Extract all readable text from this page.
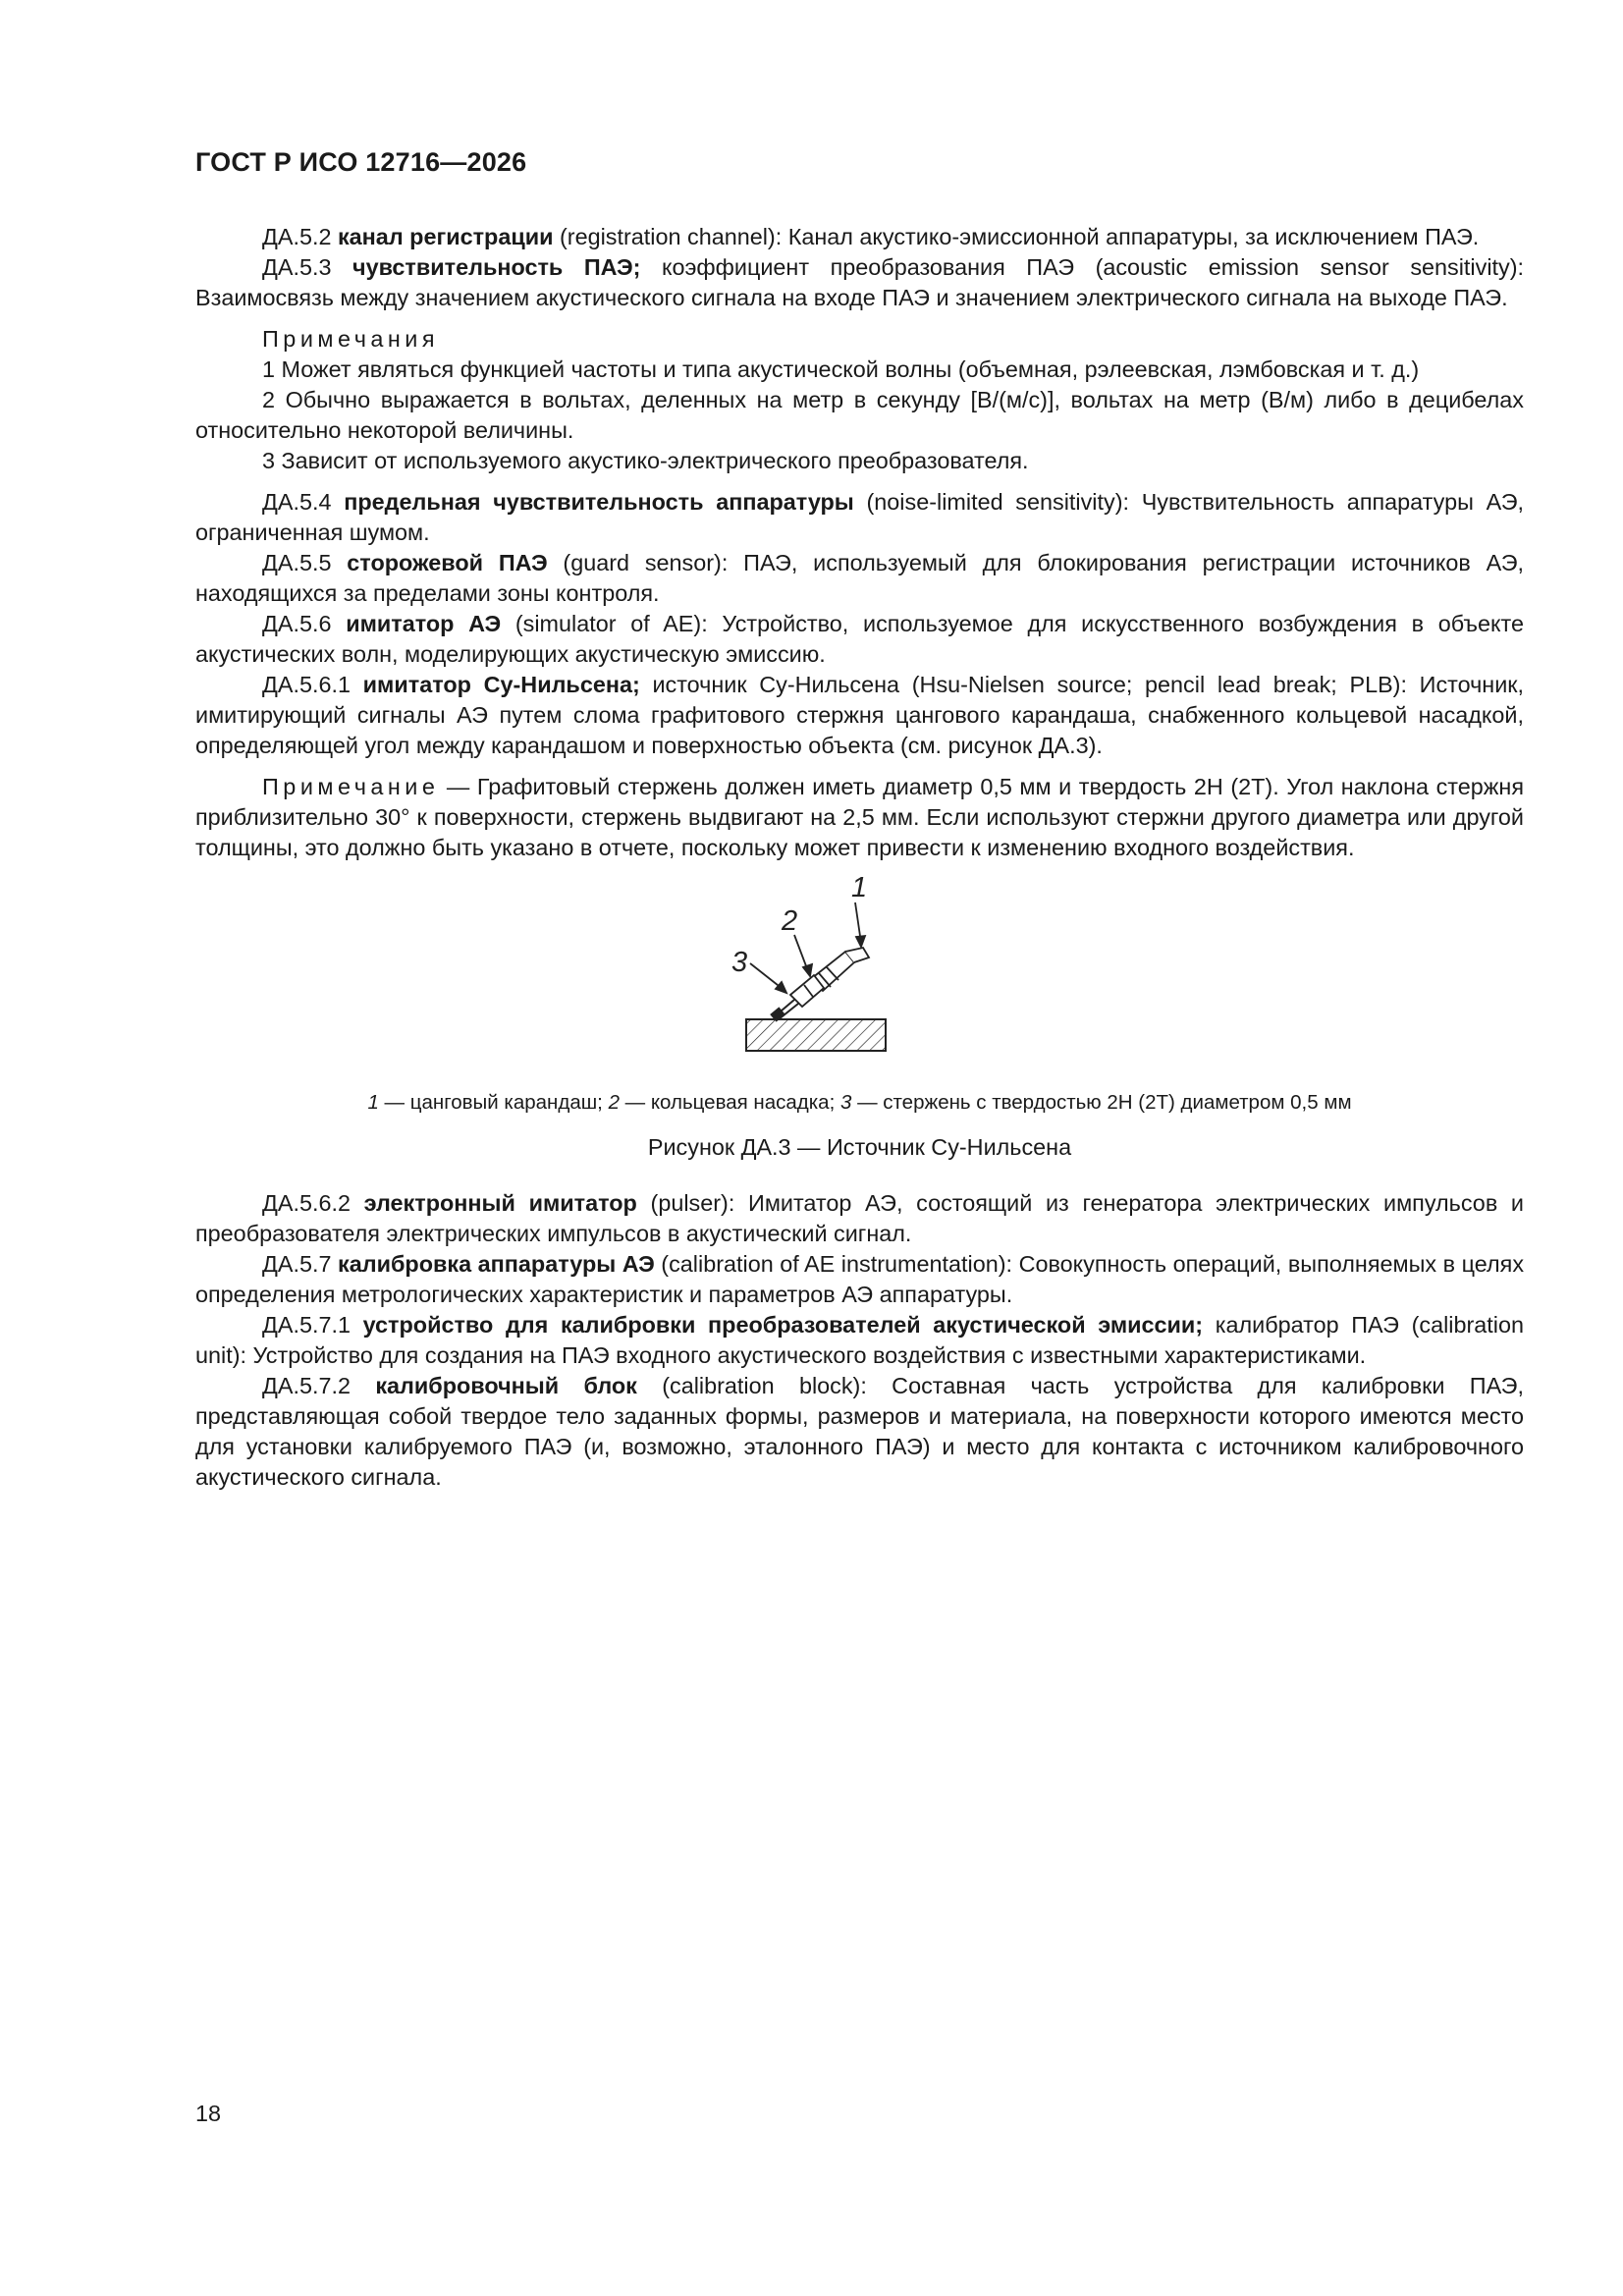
ГОСТ Р ИСО 12716—2026

ДА.5.2 канал регистрации (registration channel): Канал акустико-эмиссионной аппаратуры, за исключением ПАЭ.

ДА.5.3 чувствительность ПАЭ; коэффициент преобразования ПАЭ (acoustic emission sensor sensitivity): Взаимосвязь между значением акустического сигнала на входе ПАЭ и значением электрического сигнала на выходе ПАЭ.

Примечания

1 Может являться функцией частоты и типа акустической волны (объемная, рэлеевская, лэмбовская и т. д.)

2 Обычно выражается в вольтах, деленных на метр в секунду [В/(м/с)], вольтах на метр (В/м) либо в децибелах относительно некоторой величины.

3 Зависит от используемого акустико-электрического преобразователя.

ДА.5.4 предельная чувствительность аппаратуры (noise-limited sensitivity): Чувствительность аппаратуры АЭ, ограниченная шумом.

ДА.5.5 сторожевой ПАЭ (guard sensor): ПАЭ, используемый для блокирования регистрации источников АЭ, находящихся за пределами зоны контроля.

ДА.5.6 имитатор АЭ (simulator of AE): Устройство, используемое для искусственного возбуждения в объекте акустических волн, моделирующих акустическую эмиссию.

ДА.5.6.1 имитатор Су-Нильсена; источник Су-Нильсена (Hsu-Nielsen source; pencil lead break; PLB): Источник, имитирующий сигналы АЭ путем слома графитового стержня цангового карандаша, снабженного кольцевой насадкой, определяющей угол между карандашом и поверхностью объекта (см. рисунок ДА.3).

Примечание — Графитовый стержень должен иметь диаметр 0,5 мм и твердость 2H (2Т). Угол наклона стержня приблизительно 30° к поверхности, стержень выдвигают на 2,5 мм. Если используют стержни другого диаметра или другой толщины, это должно быть указано в отчете, поскольку может привести к изменению входного воздействия.

1
2
3

1 — цанговый карандаш; 2 — кольцевая насадка; 3 — стержень с твердостью 2H (2Т) диаметром 0,5 мм

Рисунок ДА.3 — Источник Су-Нильсена

ДА.5.6.2 электронный имитатор (pulser): Имитатор АЭ, состоящий из генератора электрических импульсов и преобразователя электрических импульсов в акустический сигнал.

ДА.5.7 калибровка аппаратуры АЭ (calibration of AE instrumentation): Совокупность операций, выполняемых в целях определения метрологических характеристик и параметров АЭ аппаратуры.

ДА.5.7.1 устройство для калибровки преобразователей акустической эмиссии; калибратор ПАЭ (calibration unit): Устройство для создания на ПАЭ входного акустического воздействия с известными характеристиками.

ДА.5.7.2 калибровочный блок (calibration block): Составная часть устройства для калибровки ПАЭ, представляющая собой твердое тело заданных формы, размеров и материала, на поверхности которого имеются место для установки калибруемого ПАЭ (и, возможно, эталонного ПАЭ) и место для контакта с источником калибровочного акустического сигнала.

18
